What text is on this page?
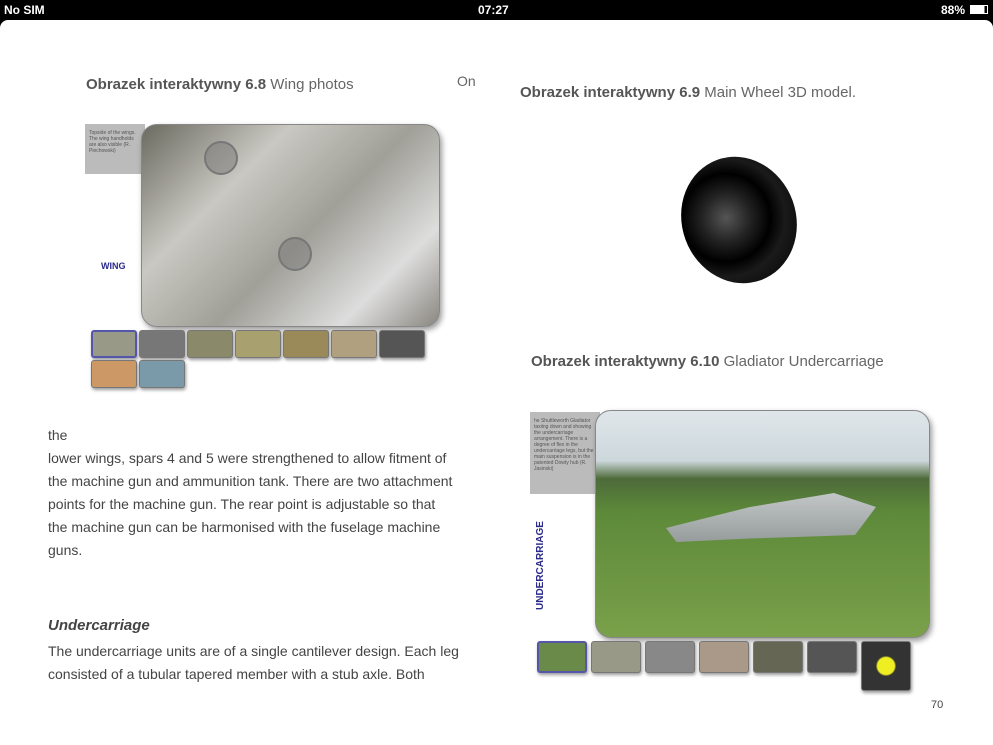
No SIM	07:27	88%
Obrazek interaktywny 6.8 Wing photos	On
Topside of the wings. The wing handholds are also visible (R. Piechowski)
WING
the
lower wings, spars 4 and 5 were strengthened to allow fitment of
the machine gun and ammunition tank. There are two attachment
points for the machine gun. The rear point is adjustable so that
the machine gun can be harmonised with the fuselage machine
guns.
Undercarriage
The undercarriage units are of a single cantilever design. Each leg
consisted of a tubular tapered member with a stub axle. Both
Obrazek interaktywny 6.9 Main Wheel 3D model.
Obrazek interaktywny 6.10 Gladiator Undercarriage
he Shuttleworth Gladiator taxiing down and showing the undercarriage arrangement. There is a degree of flex in the undercarriage legs, but the main suspension is in the patented Dowty hub (R. Jasinski)
UNDERCARRIAGE
70
